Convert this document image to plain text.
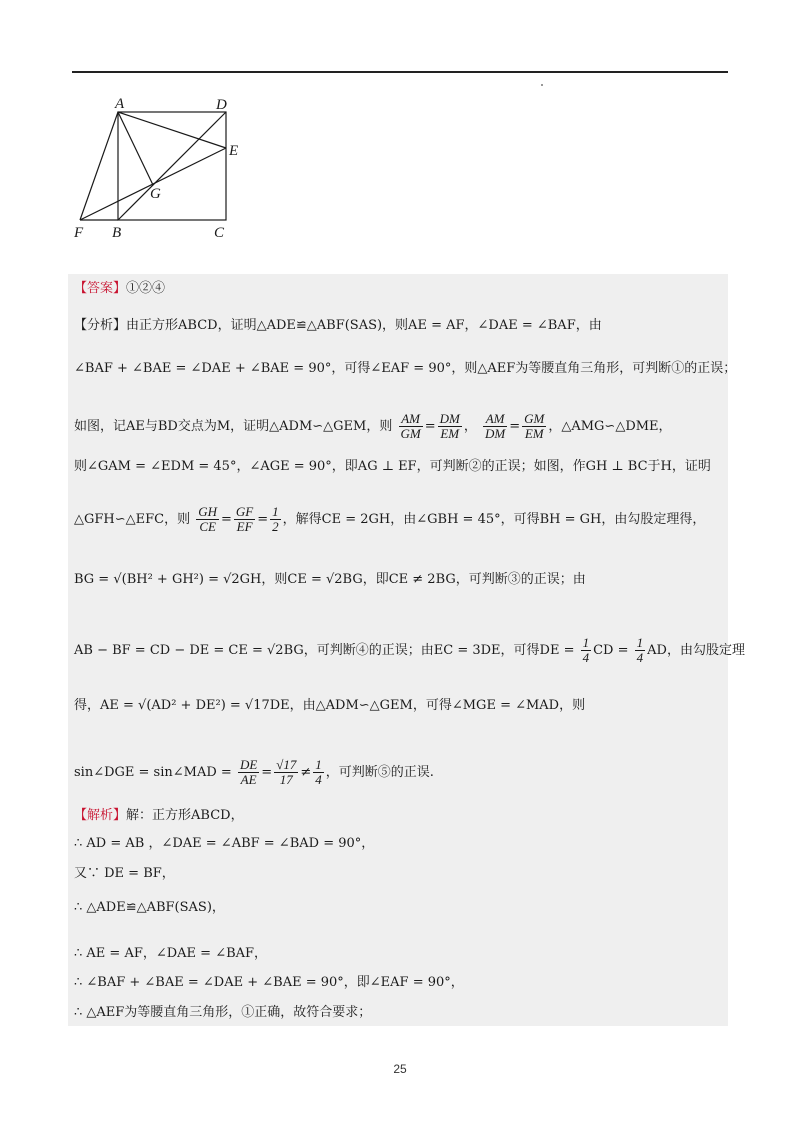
A	D
E
G
F B	C
【答案】①②④
【分析】由正方形ABCD，证明△ADE≌△ABF(SAS)，则AE = AF，∠DAE = ∠BAF，由
∠BAF + ∠BAE = ∠DAE + ∠BAE = 90°，可得∠EAF = 90°，则△AEF为等腰直角三角形，可判断①的正误；
如图，记AE与BD交点为M，证明△ADM∽△GEM，则 $\frac{AM}{GM} = \frac{DM}{EM}$ ， $\frac{AM}{DM} = \frac{GM}{EM}$ ，△AMG∽△DME，
则∠GAM = ∠EDM = 45°，∠AGE = 90°，即AG ⊥ EF，可判断②的正误；如图，作GH ⊥ BC于H，证明
△GFH∽△EFC，则 $\frac{GH}{CE} = \frac{GF}{EF} = \frac{1}{2}$ ，解得CE = 2GH，由∠GBH = 45°，可得BH = GH，由勾股定理得，
BG = √(BH² + GH²) = √2GH，则CE = √2BG，即CE ≠ 2BG，可判断③的正误；由
AB − BF = CD − DE = CE = √2BG，可判断④的正误；由EC = 3DE，可得DE = $\frac{1}{4}$ CD = $\frac{1}{4}$ AD，由勾股定理
得，AE = √(AD² + DE²) = √17DE，由△ADM∽△GEM，可得∠MGE = ∠MAD，则
sin∠DGE = sin∠MAD = $\frac{DE}{AE} = \frac{√17}{17} \ne \frac{1}{4}$ ，可判断⑤的正误.
【解析】解：正方形ABCD，
∴ AD = AB ，∠DAE = ∠ABF = ∠BAD = 90°，
又∵ DE = BF，
∴ △ADE≌△ABF(SAS)，
∴ AE = AF，∠DAE = ∠BAF，
∴ ∠BAF + ∠BAE = ∠DAE + ∠BAE = 90°，即∠EAF = 90°，
∴ △AEF为等腰直角三角形，①正确，故符合要求；
25
